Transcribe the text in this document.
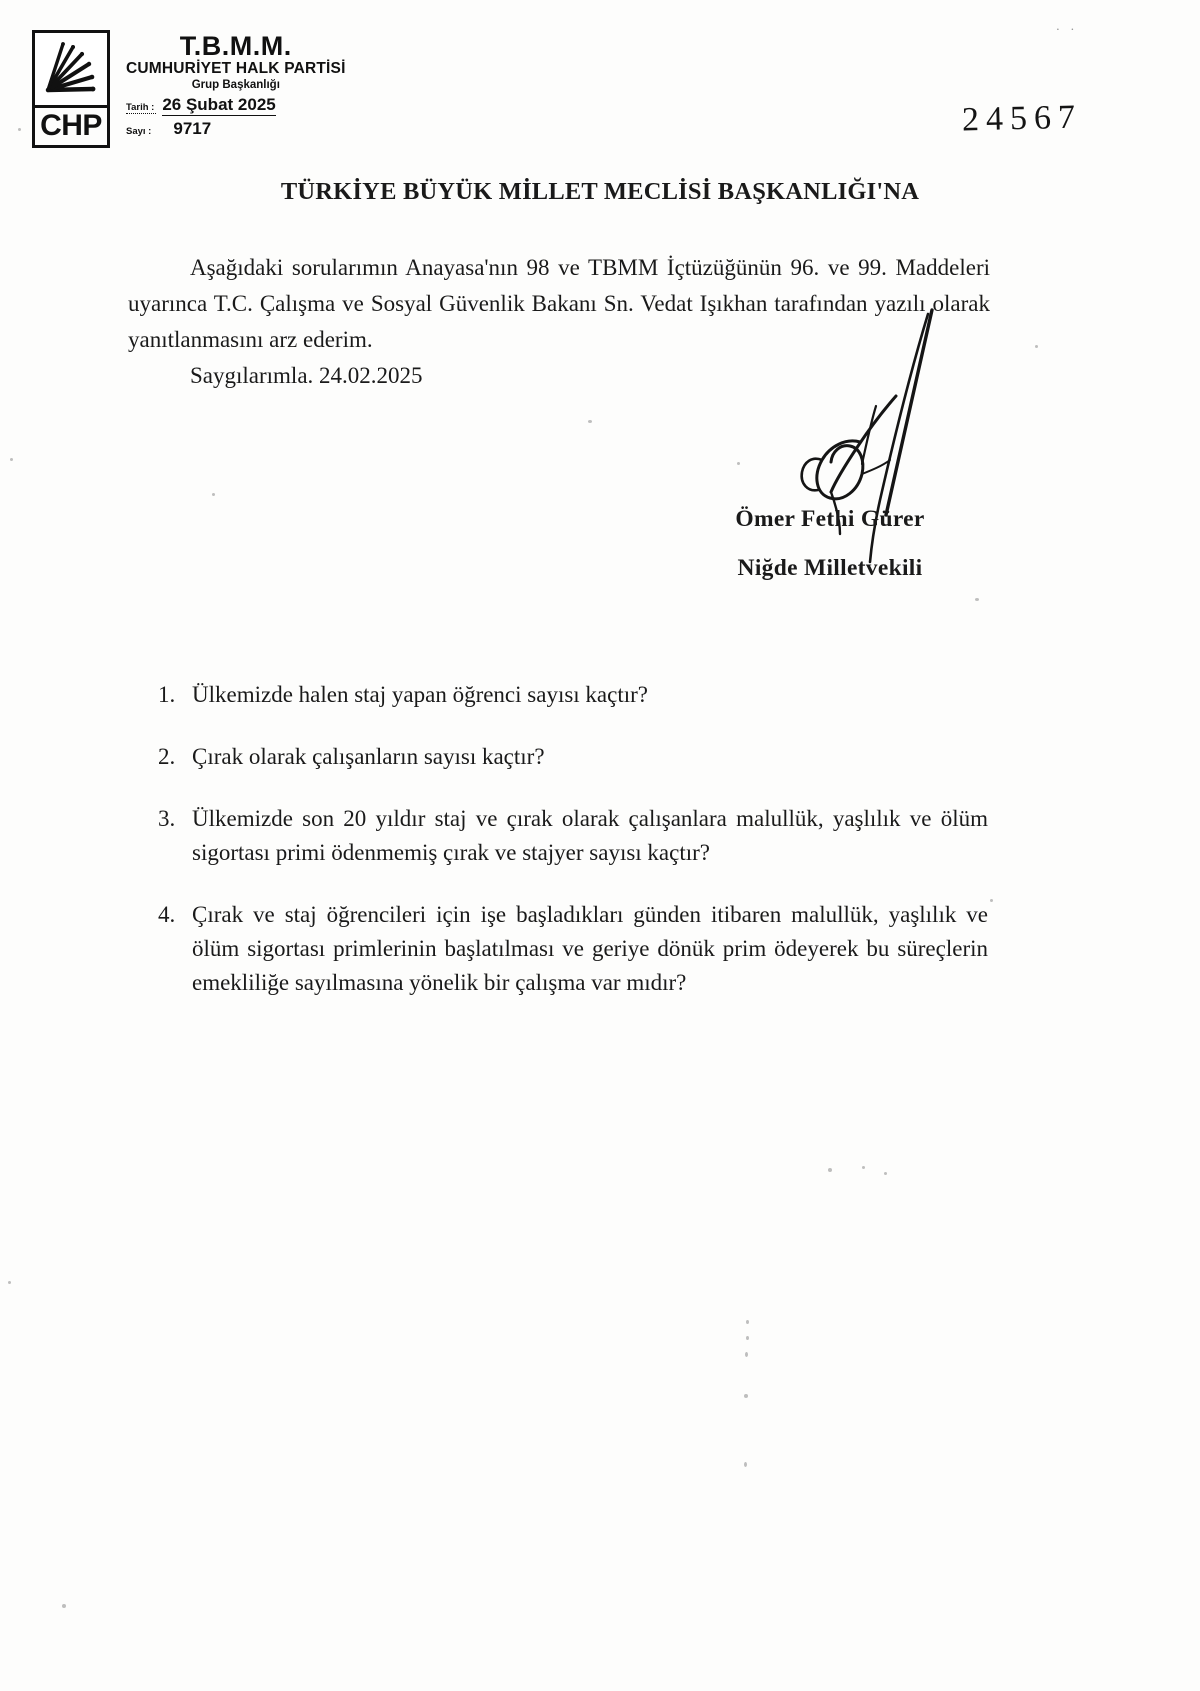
CHP
T.B.M.M.
CUMHURİYET HALK PARTİSİ
Grup Başkanlığı
Tarih : 26 Şubat 2025
Sayı : 9717
. .
24567
TÜRKİYE BÜYÜK MİLLET MECLİSİ BAŞKANLIĞI'NA

Aşağıdaki sorularımın Anayasa'nın 98 ve TBMM İçtüzüğünün 96. ve 99. Maddeleri uyarınca T.C. Çalışma ve Sosyal Güvenlik Bakanı Sn. Vedat Işıkhan tarafından yazılı olarak yanıtlanmasını arz ederim.

Saygılarımla. 24.02.2025
Ömer Fethi Gürer
Niğde Milletvekili
1. Ülkemizde halen staj yapan öğrenci sayısı kaçtır?
2. Çırak olarak çalışanların sayısı kaçtır?
3. Ülkemizde son 20 yıldır staj ve çırak olarak çalışanlara malullük, yaşlılık ve ölüm sigortası primi ödenmemiş çırak ve stajyer sayısı kaçtır?
4. Çırak ve staj öğrencileri için işe başladıkları günden itibaren malullük, yaşlılık ve ölüm sigortası primlerinin başlatılması ve geriye dönük prim ödeyerek bu süreçlerin emekliliğe sayılmasına yönelik bir çalışma var mıdır?
